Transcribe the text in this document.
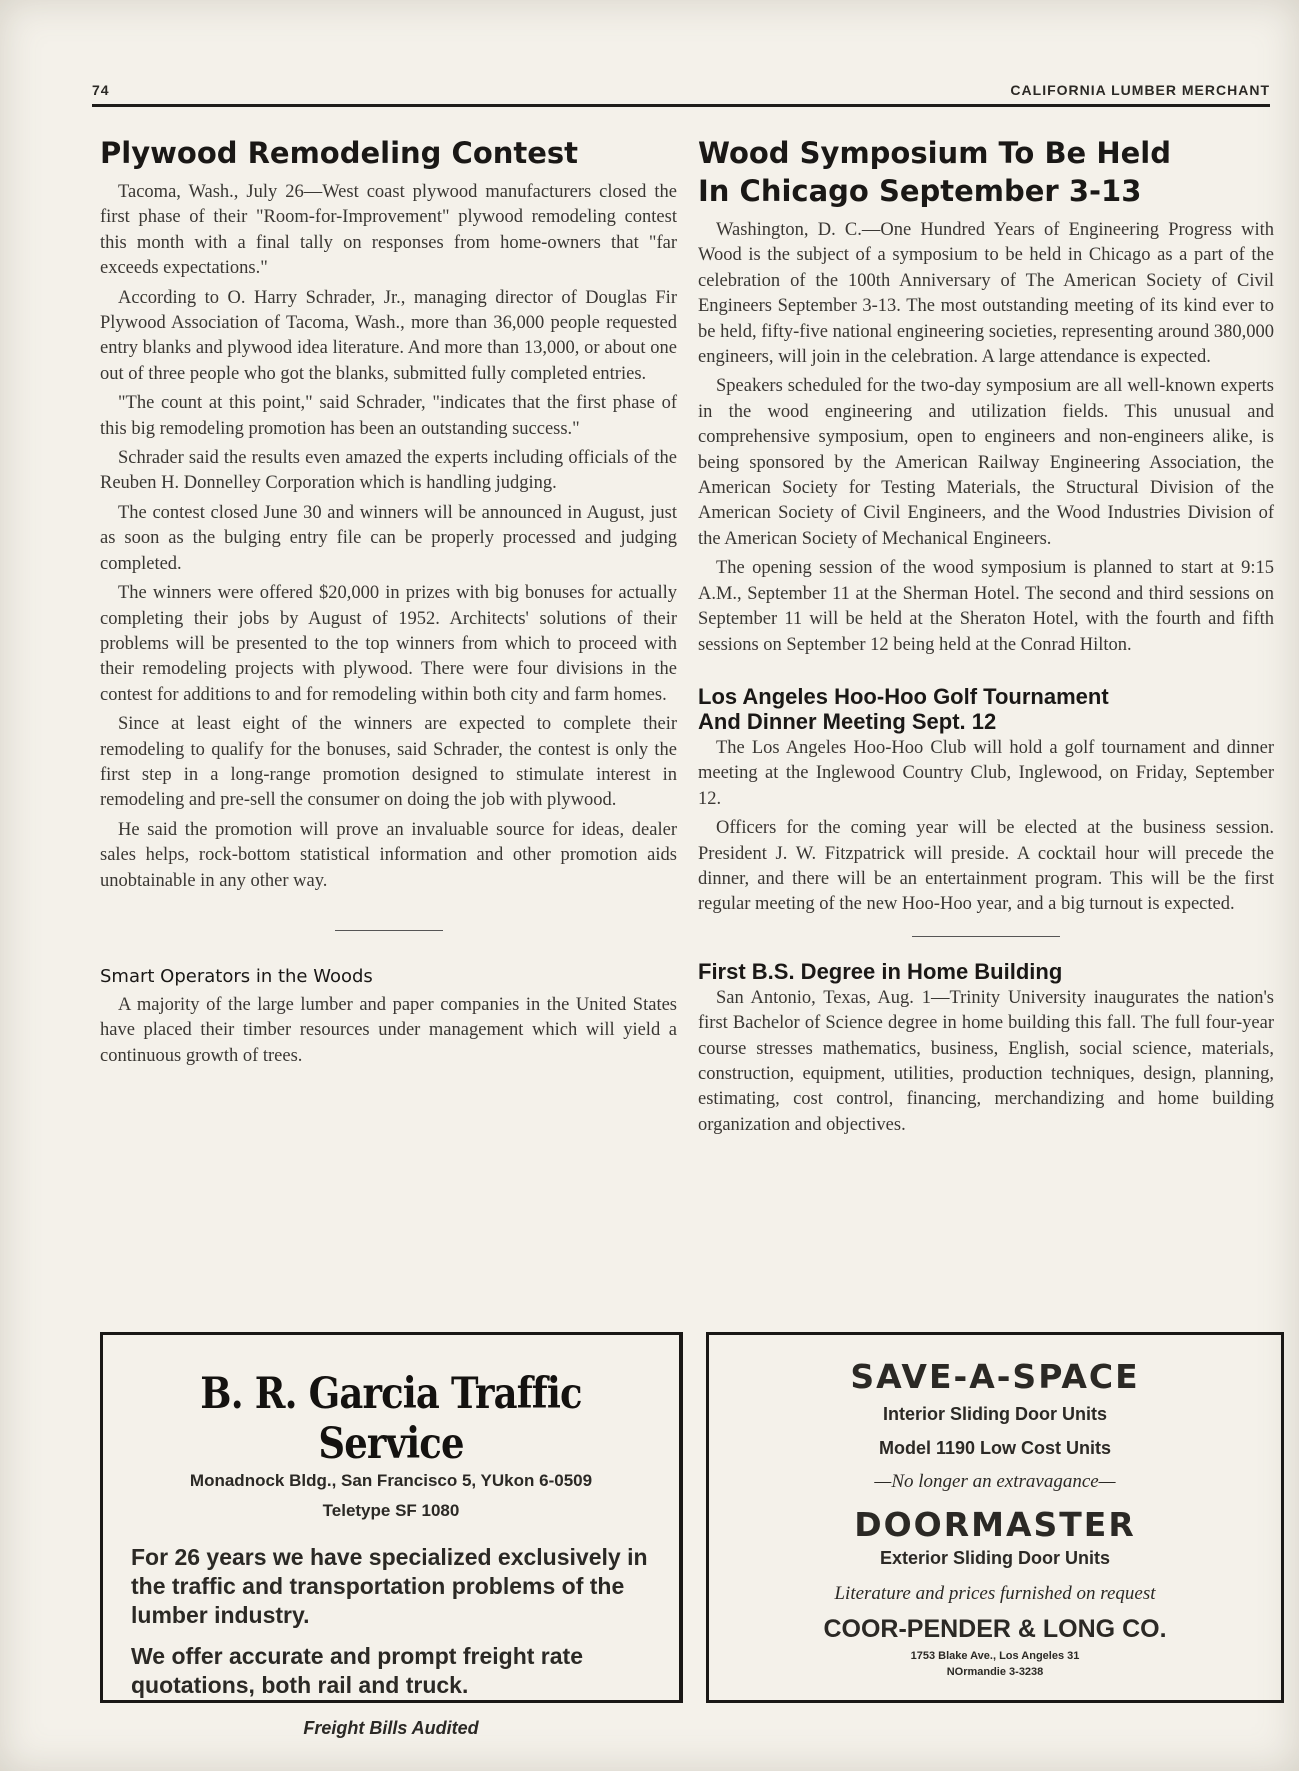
74	CALIFORNIA LUMBER MERCHANT
Plywood Remodeling Contest

Tacoma, Wash., July 26—West coast plywood manufacturers closed the first phase of their "Room-for-Improvement" plywood remodeling contest this month with a final tally on responses from home-owners that "far exceeds expectations."

According to O. Harry Schrader, Jr., managing director of Douglas Fir Plywood Association of Tacoma, Wash., more than 36,000 people requested entry blanks and plywood idea literature. And more than 13,000, or about one out of three people who got the blanks, submitted fully completed entries.

"The count at this point," said Schrader, "indicates that the first phase of this big remodeling promotion has been an outstanding success."

Schrader said the results even amazed the experts including officials of the Reuben H. Donnelley Corporation which is handling judging.

The contest closed June 30 and winners will be announced in August, just as soon as the bulging entry file can be properly processed and judging completed.

The winners were offered $20,000 in prizes with big bonuses for actually completing their jobs by August of 1952. Architects' solutions of their problems will be presented to the top winners from which to proceed with their remodeling projects with plywood. There were four divisions in the contest for additions to and for remodeling within both city and farm homes.

Since at least eight of the winners are expected to complete their remodeling to qualify for the bonuses, said Schrader, the contest is only the first step in a long-range promotion designed to stimulate interest in remodeling and pre-sell the consumer on doing the job with plywood.

He said the promotion will prove an invaluable source for ideas, dealer sales helps, rock-bottom statistical information and other promotion aids unobtainable in any other way.

Smart Operators in the Woods

A majority of the large lumber and paper companies in the United States have placed their timber resources under management which will yield a continuous growth of trees.

Wood Symposium To Be Held
In Chicago September 3-13

Washington, D. C.—One Hundred Years of Engineering Progress with Wood is the subject of a symposium to be held in Chicago as a part of the celebration of the 100th Anniversary of The American Society of Civil Engineers September 3-13. The most outstanding meeting of its kind ever to be held, fifty-five national engineering societies, representing around 380,000 engineers, will join in the celebration. A large attendance is expected.

Speakers scheduled for the two-day symposium are all well-known experts in the wood engineering and utilization fields. This unusual and comprehensive symposium, open to engineers and non-engineers alike, is being sponsored by the American Railway Engineering Association, the American Society for Testing Materials, the Structural Division of the American Society of Civil Engineers, and the Wood Industries Division of the American Society of Mechanical Engineers.

The opening session of the wood symposium is planned to start at 9:15 A.M., September 11 at the Sherman Hotel. The second and third sessions on September 11 will be held at the Sheraton Hotel, with the fourth and fifth sessions on September 12 being held at the Conrad Hilton.

Los Angeles Hoo-Hoo Golf Tournament
And Dinner Meeting Sept. 12

The Los Angeles Hoo-Hoo Club will hold a golf tournament and dinner meeting at the Inglewood Country Club, Inglewood, on Friday, September 12.

Officers for the coming year will be elected at the business session. President J. W. Fitzpatrick will preside. A cocktail hour will precede the dinner, and there will be an entertainment program. This will be the first regular meeting of the new Hoo-Hoo year, and a big turnout is expected.

First B.S. Degree in Home Building

San Antonio, Texas, Aug. 1—Trinity University inaugurates the nation's first Bachelor of Science degree in home building this fall. The full four-year course stresses mathematics, business, English, social science, materials, construction, equipment, utilities, production techniques, design, planning, estimating, cost control, financing, merchandizing and home building organization and objectives.

B. R. Garcia Traffic Service
Monadnock Bldg., San Francisco 5, YUkon 6-0509
Teletype SF 1080
For 26 years we have specialized exclusively in the traffic and transportation problems of the lumber industry.
We offer accurate and prompt freight rate quotations, both rail and truck.
Freight Bills Audited
SAVE-A-SPACE
Interior Sliding Door Units
Model 1190 Low Cost Units
—No longer an extravagance—
DOORMASTER
Exterior Sliding Door Units
Literature and prices furnished on request
COOR-PENDER & LONG CO.
1753 Blake Ave., Los Angeles 31
NOrmandie 3-3238
